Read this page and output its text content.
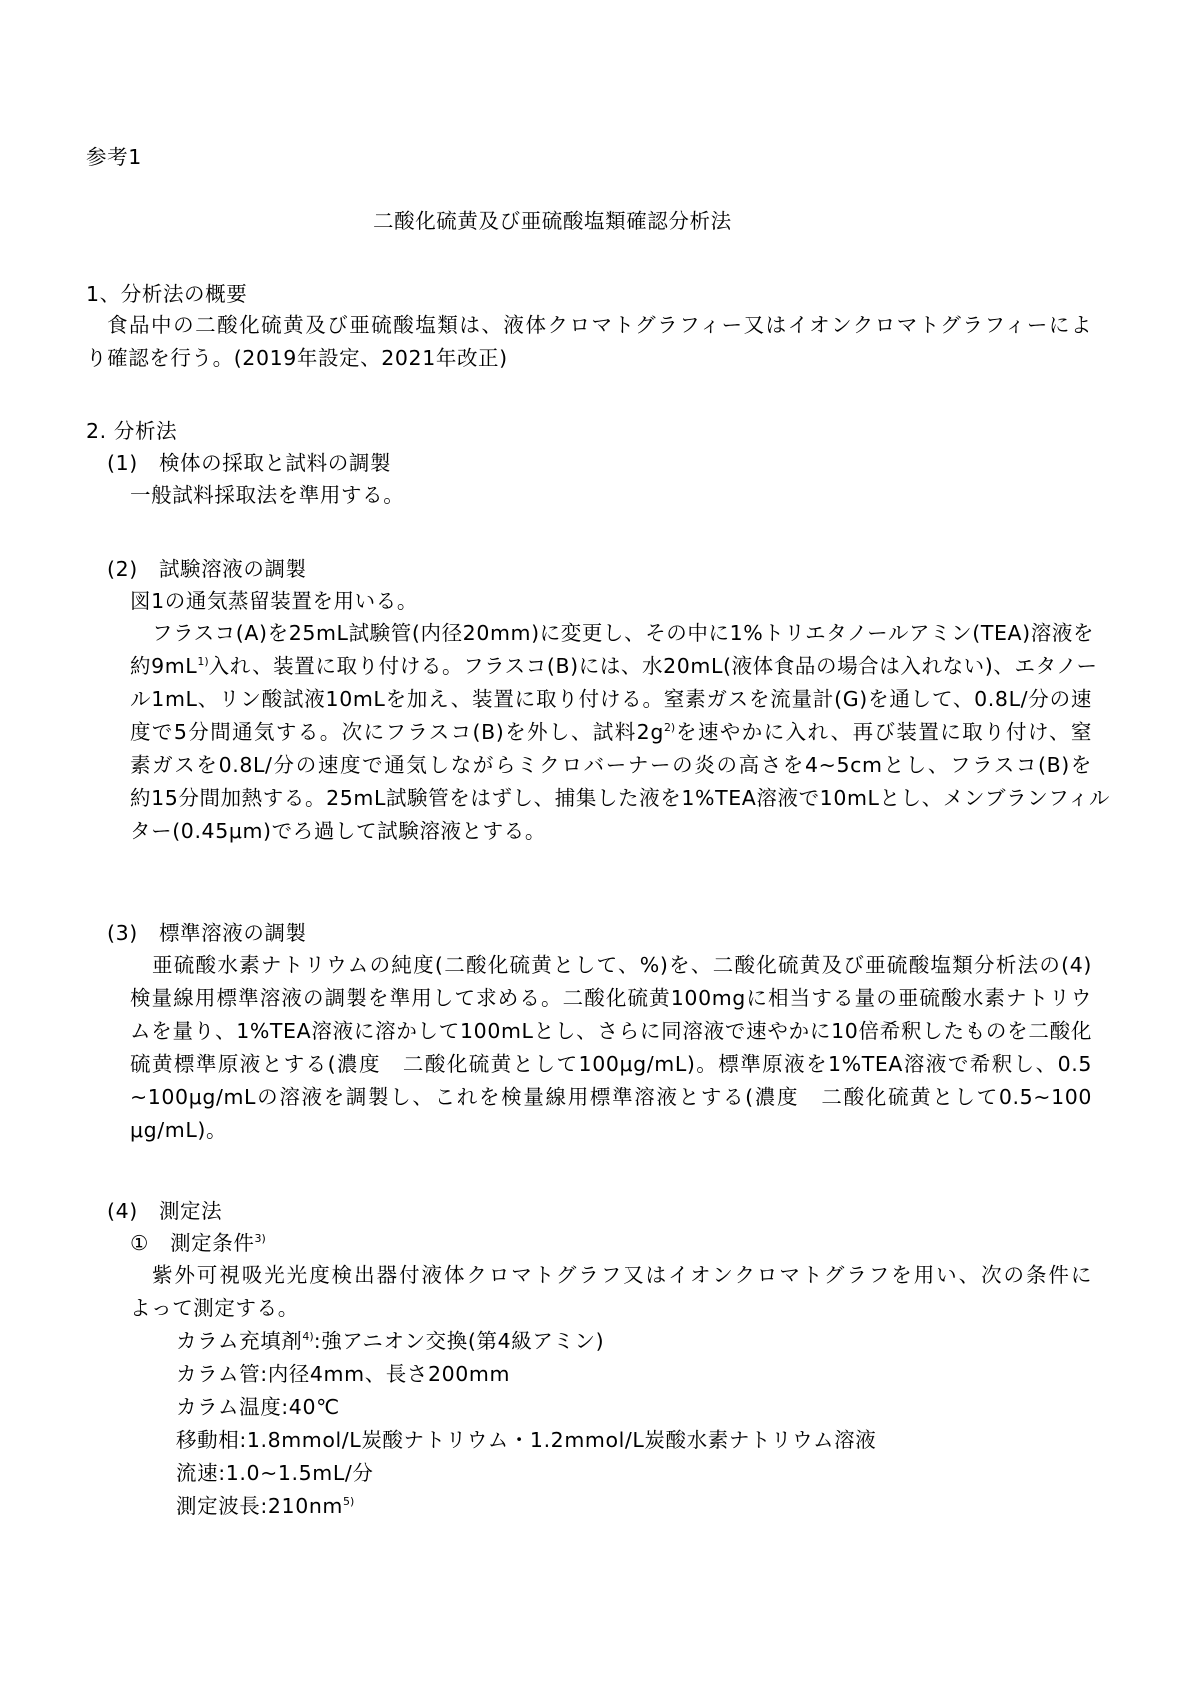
参考1
二酸化硫黄及び亜硫酸塩類確認分析法
1、分析法の概要
食品中の二酸化硫黄及び亜硫酸塩類は、液体クロマトグラフィー又はイオンクロマトグラフィーによ
り確認を行う。(2019年設定、2021年改正)
2. 分析法
(1)　検体の採取と試料の調製
一般試料採取法を準用する。
(2)　試験溶液の調製
図1の通気蒸留装置を用いる。
フラスコ(A)を25mL試験管(内径20mm)に変更し、その中に1%トリエタノールアミン(TEA)溶液を
約$9mL^{1)}$入れ、装置に取り付ける。フラスコ(B)には、水20mL(液体食品の場合は入れない)、エタノー
ル1mL、リン酸試液10mLを加え、装置に取り付ける。窒素ガスを流量計(G)を通して、0.8L/分の速
度で5分間通気する。次にフラスコ(B)を外し、試料$2g^{2)}$を速やかに入れ、再び装置に取り付け、窒
素ガスを0.8L/分の速度で通気しながらミクロバーナーの炎の高さを4~5cmとし、フラスコ(B)を
約15分間加熱する。25mL試験管をはずし、捕集した液を1%TEA溶液で10mLとし、メンブランフィル
ター(0.45μm)でろ過して試験溶液とする。
(3)　標準溶液の調製
亜硫酸水素ナトリウムの純度(二酸化硫黄として、%)を、二酸化硫黄及び亜硫酸塩類分析法の(4)
検量線用標準溶液の調製を準用して求める。二酸化硫黄100mgに相当する量の亜硫酸水素ナトリウ
ムを量り、1%TEA溶液に溶かして100mLとし、さらに同溶液で速やかに10倍希釈したものを二酸化
硫黄標準原液とする(濃度　二酸化硫黄として100μg/mL)。標準原液を1%TEA溶液で希釈し、0.5
~100μg/mLの溶液を調製し、これを検量線用標準溶液とする(濃度　二酸化硫黄として0.5~100
μg/mL)。
(4)　測定法
①　測定条件$^{3)}$
紫外可視吸光光度検出器付液体クロマトグラフ又はイオンクロマトグラフを用い、次の条件に
よって測定する。
カラム充填剤$^{4)}$:強アニオン交換(第4級アミン)
カラム管:内径4mm、長さ200mm
カラム温度:40℃
移動相:1.8mmol/L炭酸ナトリウム・1.2mmol/L炭酸水素ナトリウム溶液
流速:1.0~1.5mL/分
測定波長$:210nm^{5)}$
